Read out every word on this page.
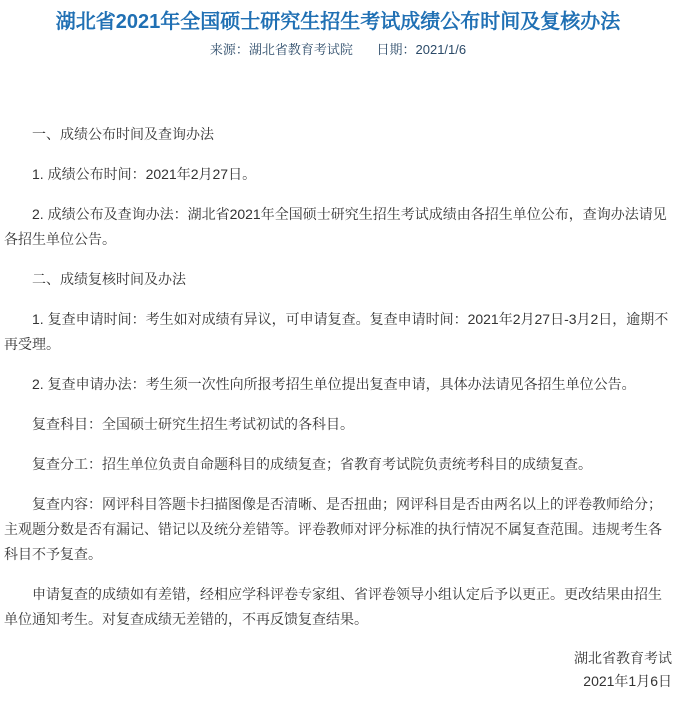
湖北省2021年全国硕士研究生招生考试成绩公布时间及复核办法
来源：湖北省教育考试院 日期：2021/1/6

一、成绩公布时间及查询办法

1. 成绩公布时间：2021年2月27日。

2. 成绩公布及查询办法：湖北省2021年全国硕士研究生招生考试成绩由各招生单位公布，查询办法请见各招生单位公告。

二、成绩复核时间及办法

1. 复查申请时间：考生如对成绩有异议，可申请复查。复查申请时间：2021年2月27日-3月2日，逾期不再受理。

2. 复查申请办法：考生须一次性向所报考招生单位提出复查申请，具体办法请见各招生单位公告。

复查科目：全国硕士研究生招生考试初试的各科目。

复查分工：招生单位负责自命题科目的成绩复查；省教育考试院负责统考科目的成绩复查。

复查内容：网评科目答题卡扫描图像是否清晰、是否扭曲；网评科目是否由两名以上的评卷教师给分；主观题分数是否有漏记、错记以及统分差错等。评卷教师对评分标准的执行情况不属复查范围。违规考生各科目不予复查。

申请复查的成绩如有差错，经相应学科评卷专家组、省评卷领导小组认定后予以更正。更改结果由招生单位通知考生。对复查成绩无差错的，不再反馈复查结果。

湖北省教育考试
2021年1月6日
